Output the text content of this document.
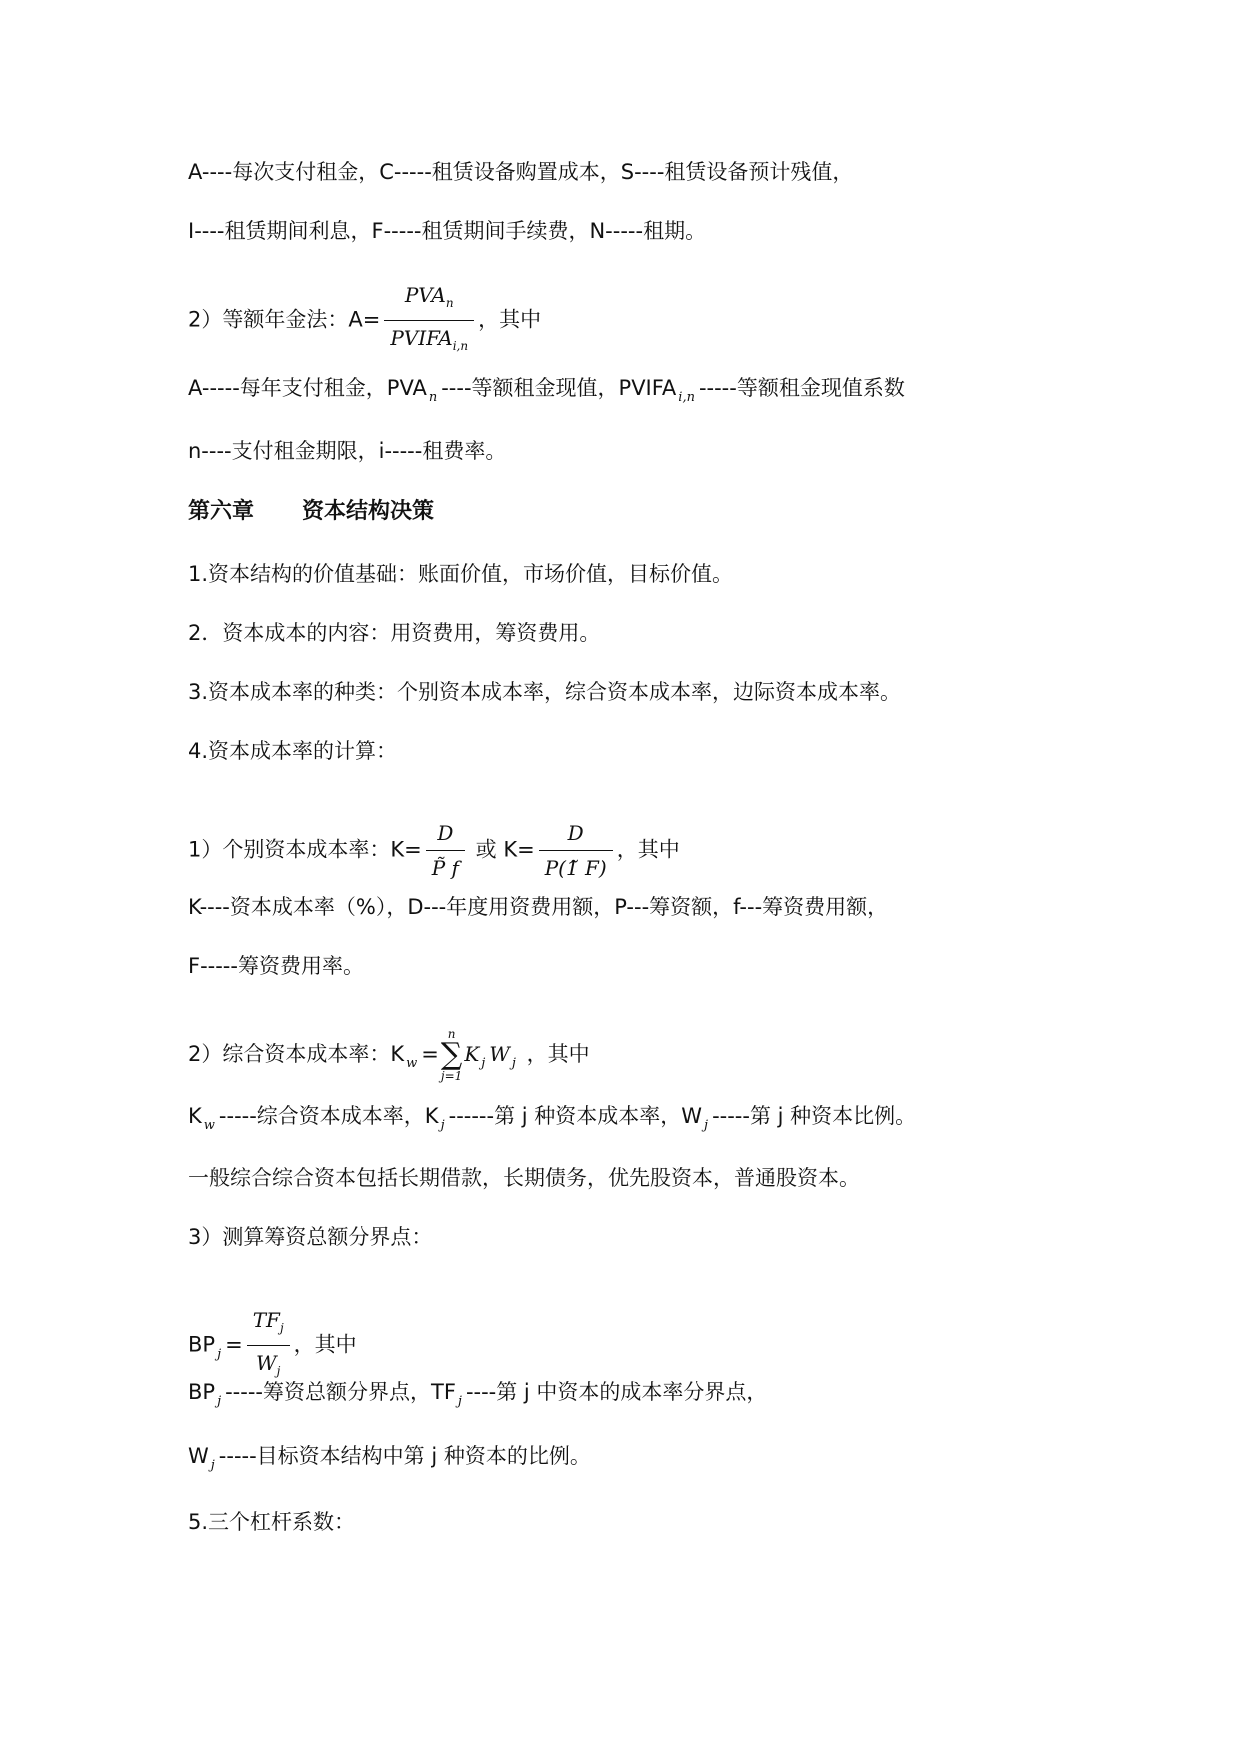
A----每次支付租金，C-----租赁设备购置成本，S----租赁设备预计残值，
I----租赁期间利息，F-----租赁期间手续费，N-----租期。
2）等额年金法：$A= \frac{PVA_n}{PVIFA_{i,n}}$ ，其中
A-----每年支付租金，PVA $_n$ ----等额租金现值，PVIFA $_{i,n}$ -----等额租金现值系数
n----支付租金期限，i-----租费率。
第六章 资本结构决策
1.资本结构的价值基础：账面价值，市场价值，目标价值。
2．资本成本的内容：用资费用，筹资费用。
3.资本成本率的种类：个别资本成本率，综合资本成本率，边际资本成本率。
4.资本成本率的计算：
1）个别资本成本率：$K= \frac{D}{P̃ f}$ 或 $K= \frac{D}{P(1̃ F)}$ ，其中
K----资本成本率（%），D---年度用资费用额，P---筹资额，f---筹资费用额，
F-----筹资费用率。
2）综合资本成本率：K $_w$ =
n
∑
j=1
K $_j$ W $_j$ ，其中
K $_w$ -----综合资本成本率，K $_j$ ------第 j 种资本成本率，W $_j$ -----第 j 种资本比例。
一般综合综合资本包括长期借款，长期债务，优先股资本，普通股资本。
3）测算筹资总额分界点：
BP $_j = \frac{TF_j}{W_j}$ ，其中
BP $_j$ -----筹资总额分界点，TF $_j$ ----第 j 中资本的成本率分界点，
W $_j$ -----目标资本结构中第 j 种资本的比例。
5.三个杠杆系数：
